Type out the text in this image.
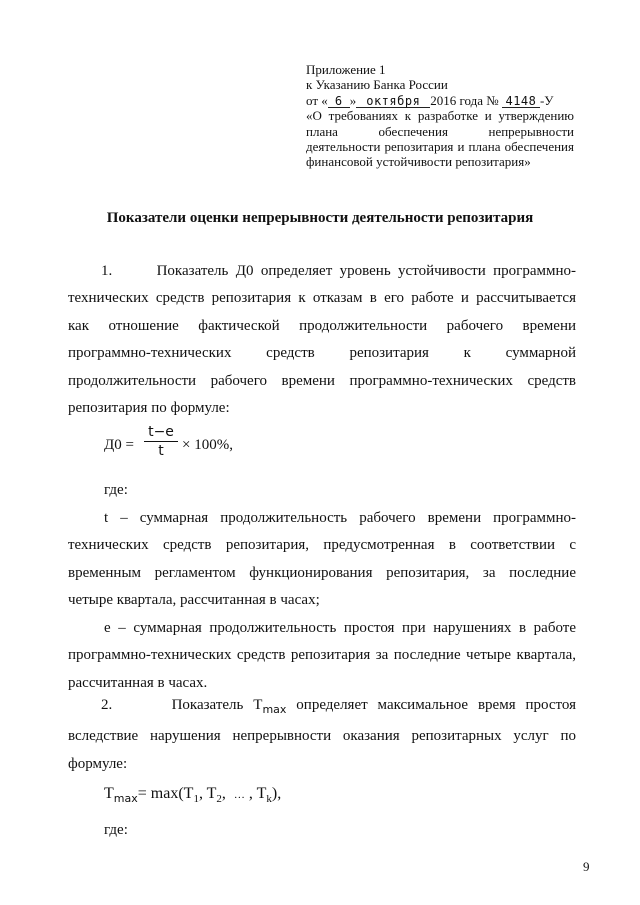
Приложение 1
к Указанию Банка России
от « 6 » октября 2016 года № 4148 -У
«О требованиях к разработке и утверждению
плана	обеспечения	непрерывности
деятельности репозитария и плана обеспечения
финансовой устойчивости репозитария»
Показатели оценки непрерывности деятельности репозитария
1.	Показатель Д0 определяет уровень устойчивости программно-
технических средств репозитария к отказам в его работе и рассчитывается
как отношение фактической продолжительности рабочего времени
программно-технических средств репозитария к суммарной
продолжительности рабочего времени программно-технических средств
репозитария по формуле:
Д0 =
t−e
t × 100%,
где:
t – суммарная продолжительность рабочего времени программно-
технических средств репозитария, предусмотренная в соответствии с
временным регламентом функционирования репозитария, за последние
четыре квартала, рассчитанная в часах;
e – суммарная продолжительность простоя при нарушениях в работе
программно-технических средств репозитария за последние четыре квартала,
рассчитанная в часах.
2.	Показатель $T_{max}$ определяет максимальное время простоя
вследствие нарушения непрерывности оказания репозитарных услуг по
формуле:
$T_{max}= \max(T_1$, $T_2$,  … , $T_k$),
где:
9
